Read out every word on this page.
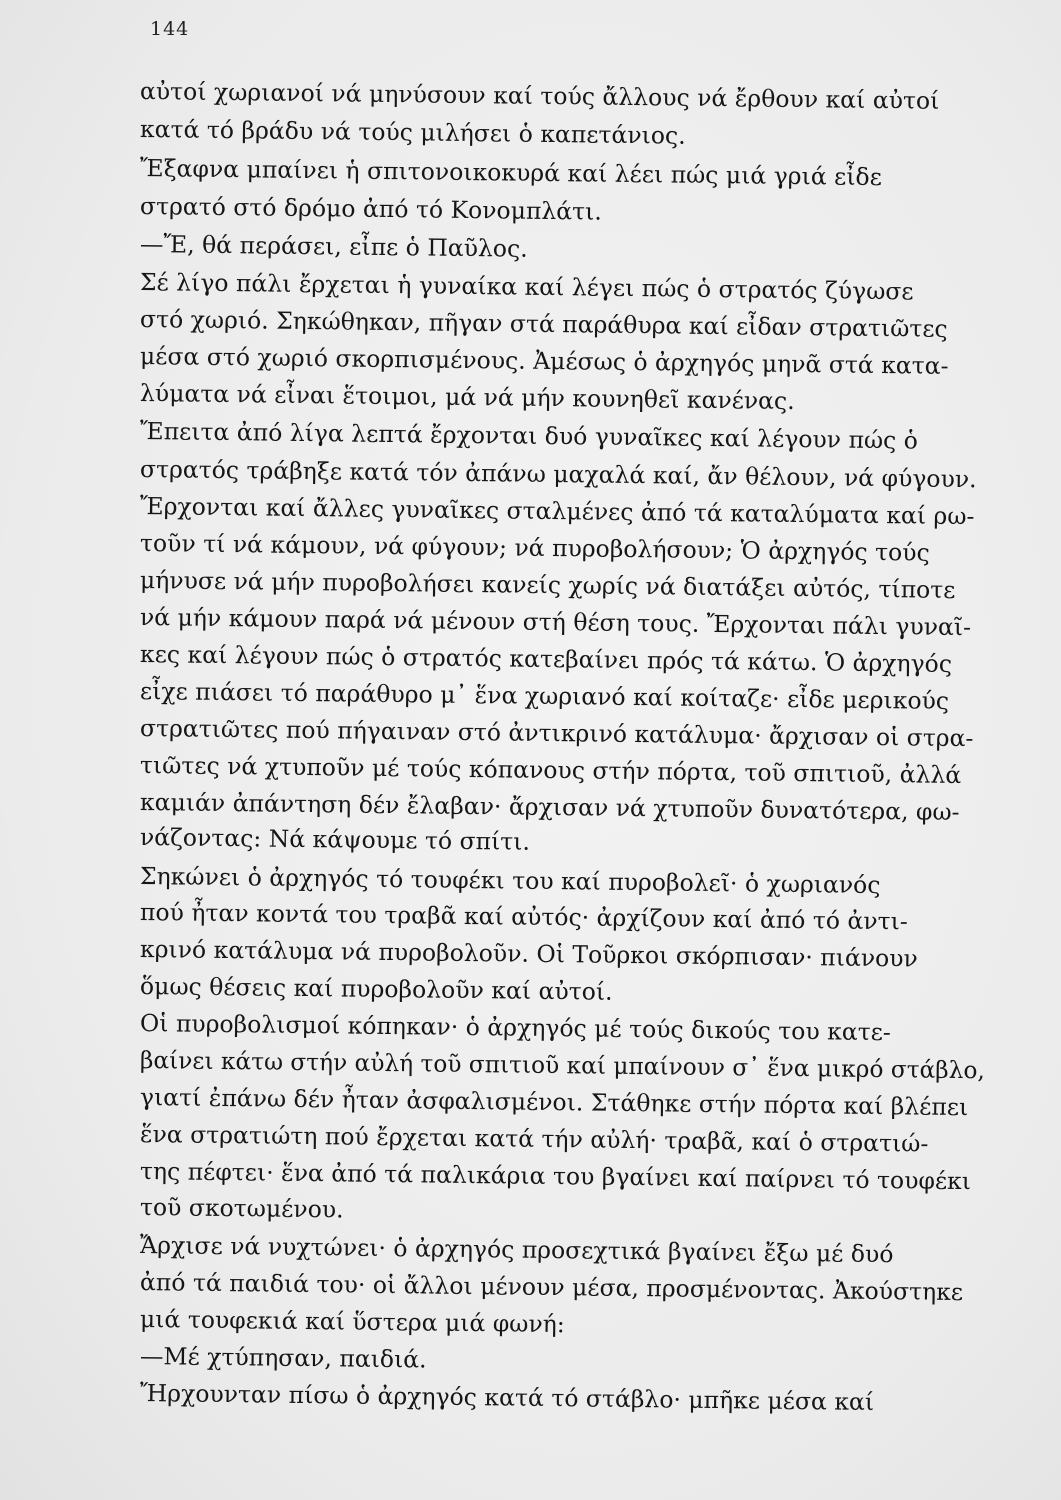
144
αὐτοί χωριανοί νά μηνύσουν καί τούς ἄλλους νά ἔρθουν καί αὐτοί
κατά τό βράδυ νά τούς μιλήσει ὁ καπετάνιος.
Ἔξαφνα μπαίνει ἡ σπιτονοικοκυρά καί λέει πώς μιά γριά εἶδε
στρατό στό δρόμο ἀπό τό Κονομπλάτι.
—Ἔ, θά περάσει, εἶπε ὁ Παῦλος.
Σέ λίγο πάλι ἔρχεται ἡ γυναίκα καί λέγει πώς ὁ στρατός ζύγωσε
στό χωριό. Σηκώθηκαν, πῆγαν στά παράθυρα καί εἶδαν στρατιῶτες
μέσα στό χωριό σκορπισμένους. Ἀμέσως ὁ ἀρχηγός μηνᾶ στά κατα-
λύματα νά εἶναι ἕτοιμοι, μά νά μήν κουνηθεῖ κανένας.
Ἔπειτα ἀπό λίγα λεπτά ἔρχονται δυό γυναῖκες καί λέγουν πώς ὁ
στρατός τράβηξε κατά τόν ἀπάνω μαχαλά καί, ἄν θέλουν, νά φύγουν.
Ἔρχονται καί ἄλλες γυναῖκες σταλμένες ἀπό τά καταλύματα καί ρω-
τοῦν τί νά κάμουν, νά φύγουν; νά πυροβολήσουν; Ὁ ἀρχηγός τούς
μήνυσε νά μήν πυροβολήσει κανείς χωρίς νά διατάξει αὐτός, τίποτε
νά μήν κάμουν παρά νά μένουν στή θέση τους. Ἔρχονται πάλι γυναῖ-
κες καί λέγουν πώς ὁ στρατός κατεβαίνει πρός τά κάτω. Ὁ ἀρχηγός
εἶχε πιάσει τό παράθυρο μ᾽ ἕνα χωριανό καί κοίταζε· εἶδε μερικούς
στρατιῶτες πού πήγαιναν στό ἀντικρινό κατάλυμα· ἄρχισαν οἱ στρα-
τιῶτες νά χτυποῦν μέ τούς κόπανους στήν πόρτα, τοῦ σπιτιοῦ, ἀλλά
καμιάν ἀπάντηση δέν ἔλαβαν· ἄρχισαν νά χτυποῦν δυνατότερα, φω-
νάζοντας: Νά κάψουμε τό σπίτι.
Σηκώνει ὁ ἀρχηγός τό τουφέκι του καί πυροβολεῖ· ὁ χωριανός
πού ἦταν κοντά του τραβᾶ καί αὐτός· ἀρχίζουν καί ἀπό τό ἀντι-
κρινό κατάλυμα νά πυροβολοῦν. Οἱ Τοῦρκοι σκόρπισαν· πιάνουν
ὅμως θέσεις καί πυροβολοῦν καί αὐτοί.
Οἱ πυροβολισμοί κόπηκαν· ὁ ἀρχηγός μέ τούς δικούς του κατε-
βαίνει κάτω στήν αὐλή τοῦ σπιτιοῦ καί μπαίνουν σ᾽ ἕνα μικρό στάβλο,
γιατί ἐπάνω δέν ἦταν ἀσφαλισμένοι. Στάθηκε στήν πόρτα καί βλέπει
ἕνα στρατιώτη πού ἔρχεται κατά τήν αὐλή· τραβᾶ, καί ὁ στρατιώ-
της πέφτει· ἕνα ἀπό τά παλικάρια του βγαίνει καί παίρνει τό τουφέκι
τοῦ σκοτωμένου.
Ἄρχισε νά νυχτώνει· ὁ ἀρχηγός προσεχτικά βγαίνει ἔξω μέ δυό
ἀπό τά παιδιά του· οἱ ἄλλοι μένουν μέσα, προσμένοντας. Ἀκούστηκε
μιά τουφεκιά καί ὕστερα μιά φωνή:
—Μέ χτύπησαν, παιδιά.
Ἤρχουνταν πίσω ὁ ἀρχηγός κατά τό στάβλο· μπῆκε μέσα καί
